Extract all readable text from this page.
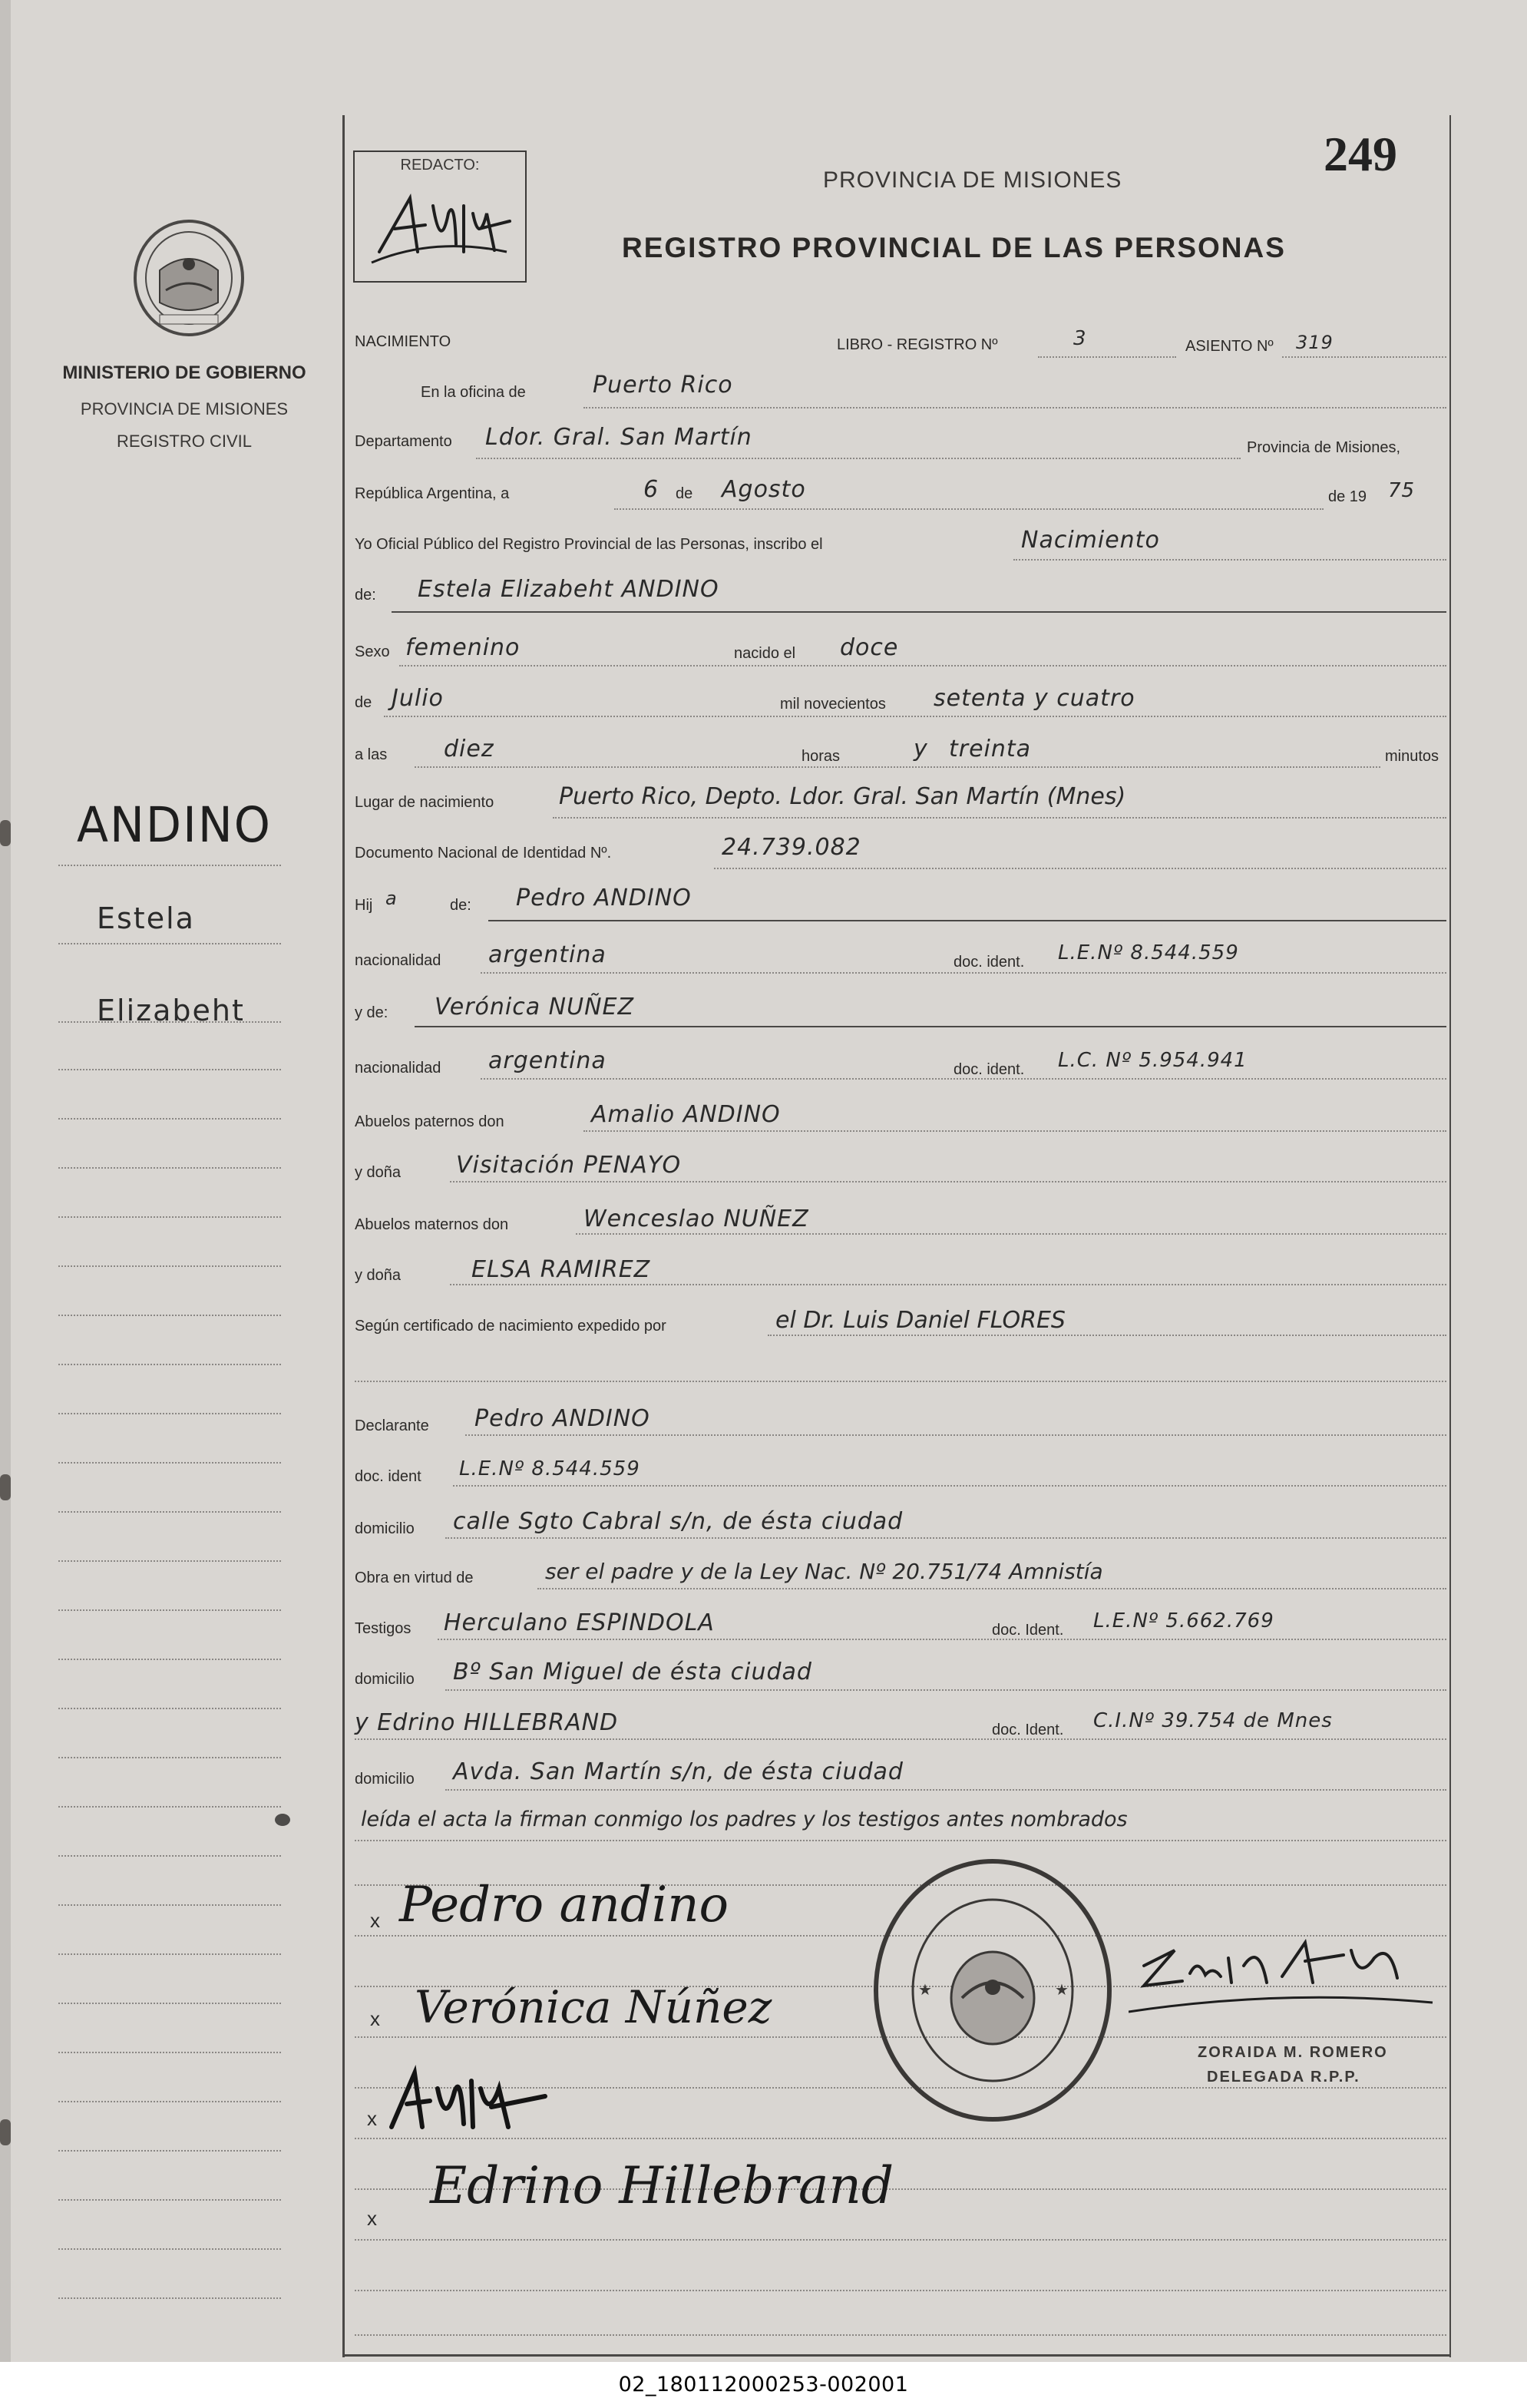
MINISTERIO DE GOBIERNO
PROVINCIA DE MISIONES
REGISTRO CIVIL
ANDINO
Estela
Elizabeht
REDACTO:	249
PROVINCIA DE MISIONES
REGISTRO PROVINCIAL DE LAS PERSONAS
NACIMIENTO	LIBRO - REGISTRO Nº	3	ASIENTO Nº 319
En la oficina de	Puerto Rico
Departamento Ldor. Gral. San Martín	Provincia de Misiones,
República Argentina, a	6 de Agosto	de 19 75
Yo Oficial Público del Registro Provincial de las Personas, inscribo el	Nacimiento
de: Estela Elizabeht ANDINO
Sexo femenino	nacido el doce
de Julio	mil novecientos setenta y cuatro
a las diez	horas	y treinta	minutos
Lugar de nacimiento	Puerto Rico, Depto. Ldor. Gral. San Martín (Mnes)
Documento Nacional de Identidad Nº.	24.739.082
Hij a	de: Pedro ANDINO
nacionalidad argentina	doc. ident. L.E.Nº 8.544.559
y de: Verónica NUÑEZ
nacionalidad argentina	doc. ident. L.C. Nº 5.954.941
Abuelos paternos don	Amalio ANDINO
y doña Visitación PENAYO
Abuelos maternos don	Wenceslao NUÑEZ
y doña	ELSA RAMIREZ
Según certificado de nacimiento expedido por	el Dr. Luis Daniel FLORES
Declarante Pedro ANDINO
doc. ident L.E.Nº 8.544.559
domicilio calle Sgto Cabral s/n, de ésta ciudad
Obra en virtud de	ser el padre y de la Ley Nac. Nº 20.751/74 Amnistía
Testigos Herculano ESPINDOLA	doc. Ident. L.E.Nº 5.662.769
domicilio Bº San Miguel de ésta ciudad
y Edrino HILLEBRAND	doc. Ident. C.I.Nº 39.754 de Mnes
domicilio Avda. San Martín s/n, de ésta ciudad
leída el acta la firman conmigo los padres y los testigos antes nombrados
x Pedro andino
x Verónica Núñez
x
x
Edrino Hillebrand
★	★
ZORAIDA M. ROMERO
DELEGADA R.P.P.
02_180112000253-002001
